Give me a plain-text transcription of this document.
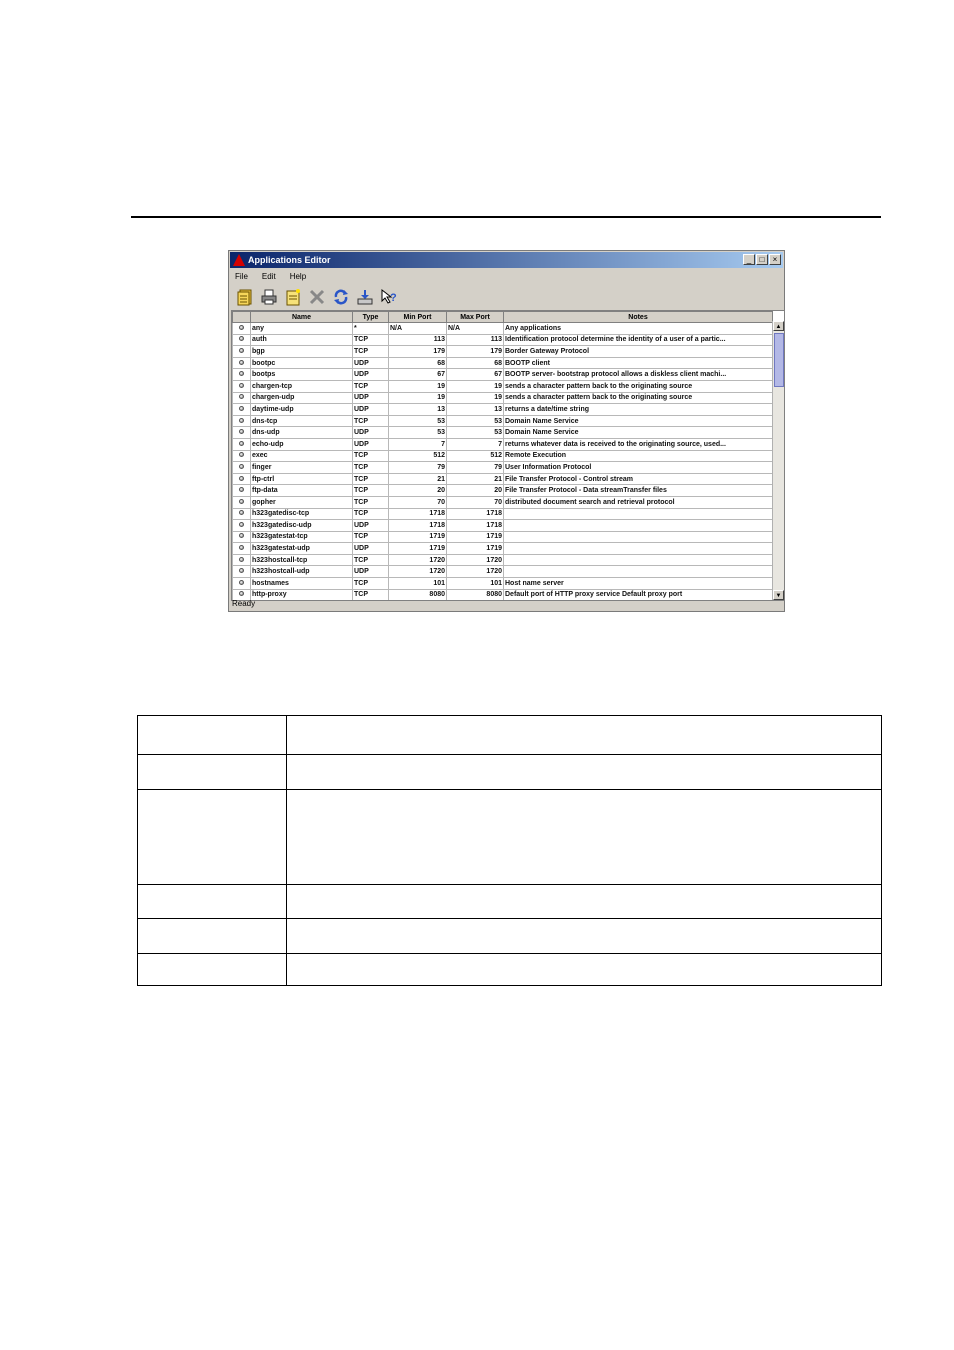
Applications Editor	_	□	×
File Edit Help
?
	Name	Type	Min Port	Max Port	Notes
	any	*	N/A	N/A	Any applications
	auth	TCP	113	113	Identification protocol determine the identity of a user of a partic...
	bgp	TCP	179	179	Border Gateway Protocol
	bootpc	UDP	68	68	BOOTP client
	bootps	UDP	67	67	BOOTP server- bootstrap protocol allows a diskless client machi...
	chargen-tcp	TCP	19	19	sends a character pattern back to the originating source
	chargen-udp	UDP	19	19	sends a character pattern back to the originating source
	daytime-udp	UDP	13	13	returns a date/time string
	dns-tcp	TCP	53	53	Domain Name Service
	dns-udp	UDP	53	53	Domain Name Service
	echo-udp	UDP	7	7	returns whatever data is received to the originating source, used...
	exec	TCP	512	512	Remote Execution
	finger	TCP	79	79	User Information Protocol
	ftp-ctrl	TCP	21	21	File Transfer Protocol - Control stream
	ftp-data	TCP	20	20	File Transfer Protocol - Data streamTransfer files
	gopher	TCP	70	70	distributed document search and retrieval protocol
	h323gatedisc-tcp	TCP	1718	1718	
	h323gatedisc-udp	UDP	1718	1718	
	h323gatestat-tcp	TCP	1719	1719	
	h323gatestat-udp	UDP	1719	1719	
	h323hostcall-tcp	TCP	1720	1720	
	h323hostcall-udp	UDP	1720	1720	
	hostnames	TCP	101	101	Host name server
	http-proxy	TCP	8080	8080	Default port of HTTP proxy service Default proxy port
▲
▼
Ready
